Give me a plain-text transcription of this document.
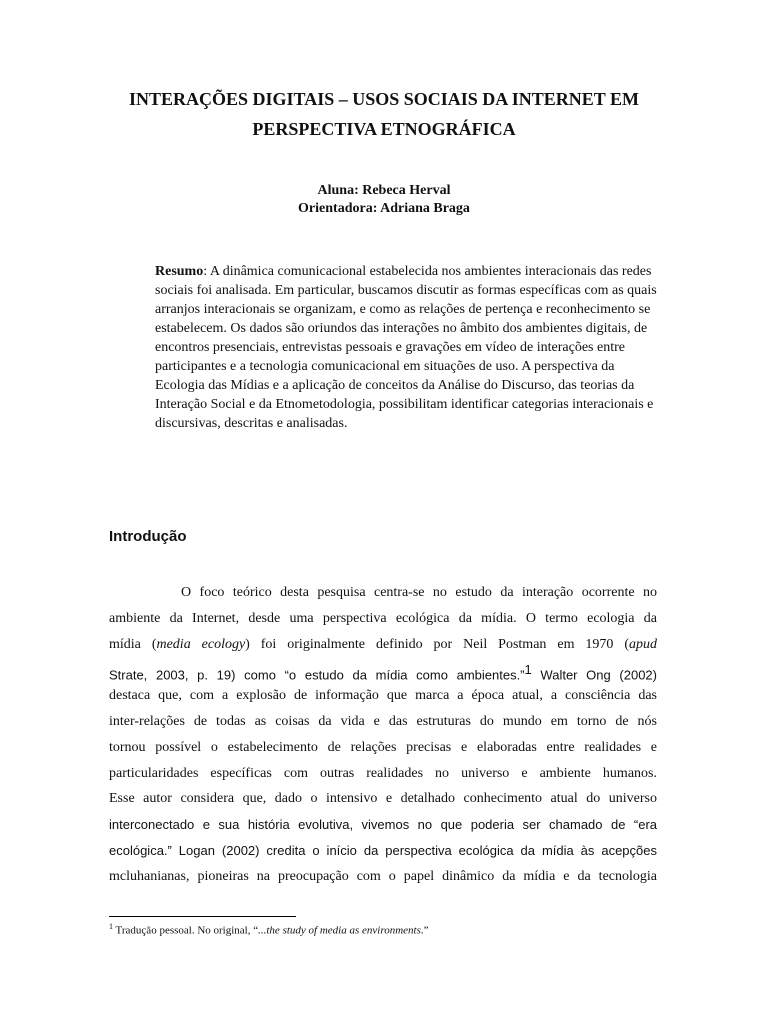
INTERAÇÕES DIGITAIS – USOS SOCIAIS DA INTERNET EM
PERSPECTIVA ETNOGRÁFICA
Aluna: Rebeca Herval
Orientadora: Adriana Braga
Resumo: A dinâmica comunicacional estabelecida nos ambientes interacionais das redes sociais foi analisada. Em particular, buscamos discutir as formas específicas com as quais arranjos interacionais se organizam, e como as relações de pertença e reconhecimento se estabelecem. Os dados são oriundos das interações no âmbito dos ambientes digitais, de encontros presenciais, entrevistas pessoais e gravações em vídeo de interações entre participantes e a tecnologia comunicacional em situações de uso. A perspectiva da Ecologia das Mídias e a aplicação de conceitos da Análise do Discurso, das teorias da Interação Social e da Etnometodologia, possibilitam identificar categorias interacionais e discursivas, descritas e analisadas.
Introdução
O foco teórico desta pesquisa centra-se no estudo da interação ocorrente no
ambiente da Internet, desde uma perspectiva ecológica da mídia. O termo ecologia da
mídia (media ecology) foi originalmente definido por Neil Postman em 1970 (apud
Strate, 2003, p. 19) como “o estudo da mídia como ambientes.”$^1$ Walter Ong (2002)
destaca que, com a explosão de informação que marca a época atual, a consciência das
inter-relações de todas as coisas da vida e das estruturas do mundo em torno de nós
tornou possível o estabelecimento de relações precisas e elaboradas entre realidades e
particularidades específicas com outras realidades no universo e ambiente humanos.
Esse autor considera que, dado o intensivo e detalhado conhecimento atual do universo
interconectado e sua história evolutiva, vivemos no que poderia ser chamado de “era
ecológica.” Logan (2002) credita o início da perspectiva ecológica da mídia às acepções
mcluhanianas, pioneiras na preocupação com o papel dinâmico da mídia e da tecnologia
$^1$ Tradução pessoal. No original, “...the study of media as environments.”
